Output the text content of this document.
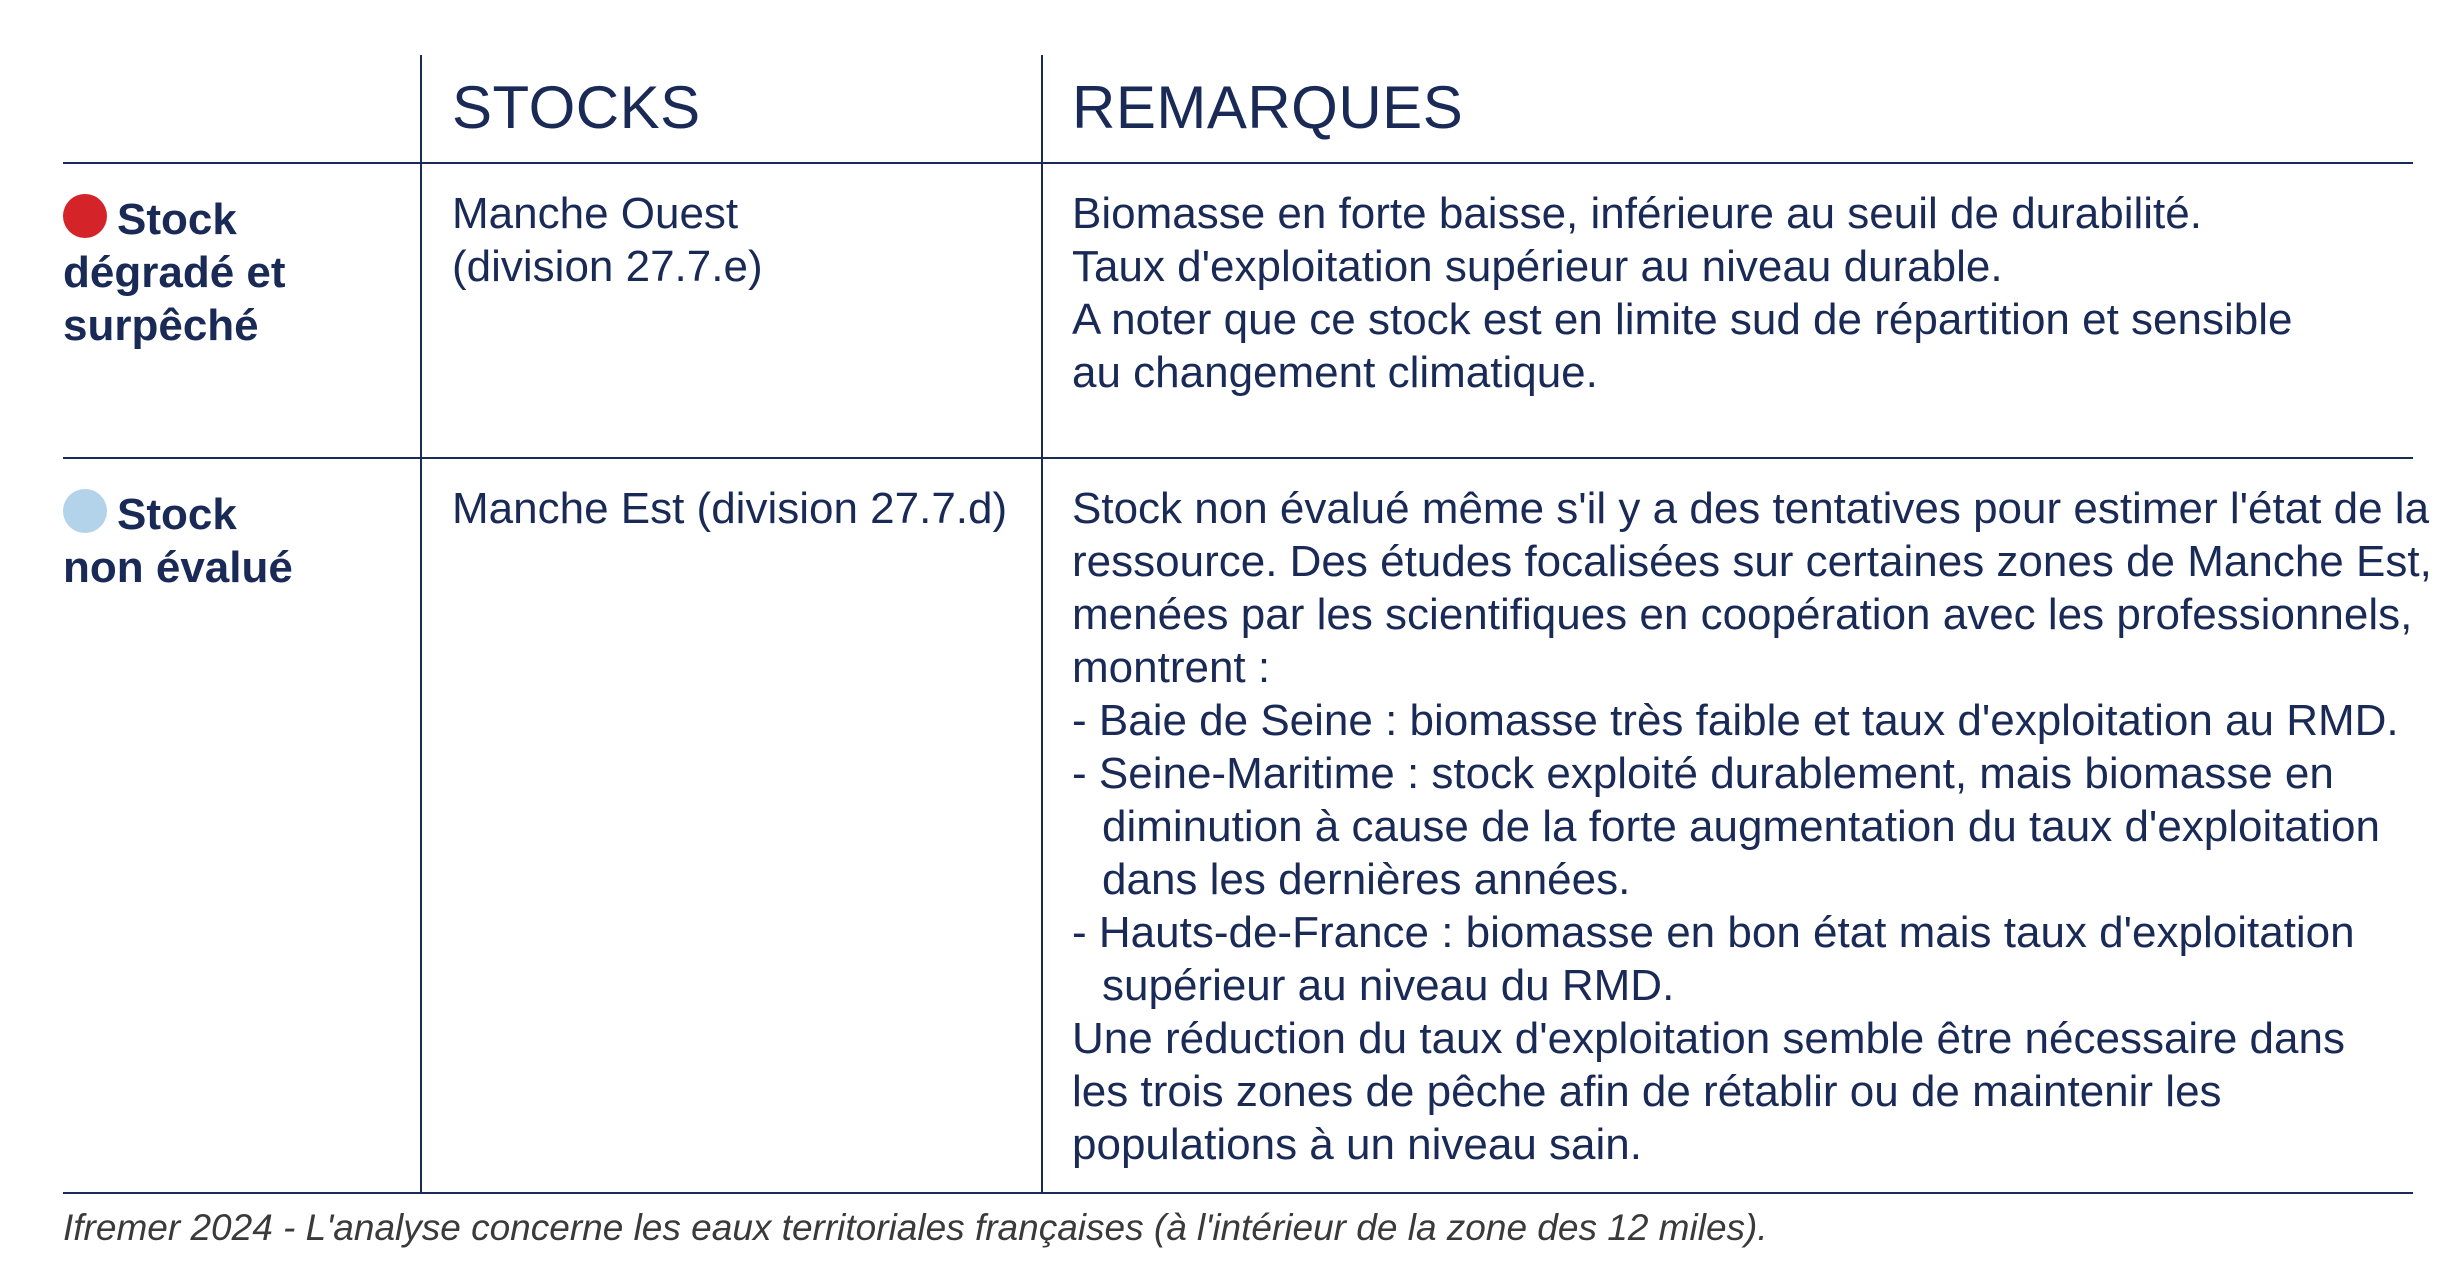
STOCKS	REMARQUES
Stock
dégradé et
surpêché
Manche Ouest
(division 27.7.e)
Biomasse en forte baisse, inférieure au seuil de durabilité.
Taux d'exploitation supérieur au niveau durable.
A noter que ce stock est en limite sud de répartition et sensible
au changement climatique.
Stock
non évalué
Manche Est (division 27.7.d) Stock non évalué même s'il y a des tentatives pour estimer l'état de la
ressource. Des études focalisées sur certaines zones de Manche Est,
menées par les scientifiques en coopération avec les professionnels,
montrent :
- Baie de Seine : biomasse très faible et taux d'exploitation au RMD.
- Seine-Maritime : stock exploité durablement, mais biomasse en
diminution à cause de la forte augmentation du taux d'exploitation
dans les dernières années.
- Hauts-de-France : biomasse en bon état mais taux d'exploitation
supérieur au niveau du RMD.
Une réduction du taux d'exploitation semble être nécessaire dans
les trois zones de pêche afin de rétablir ou de maintenir les
populations à un niveau sain.
Ifremer 2024 - L'analyse concerne les eaux territoriales françaises (à l'intérieur de la zone des 12 miles).
